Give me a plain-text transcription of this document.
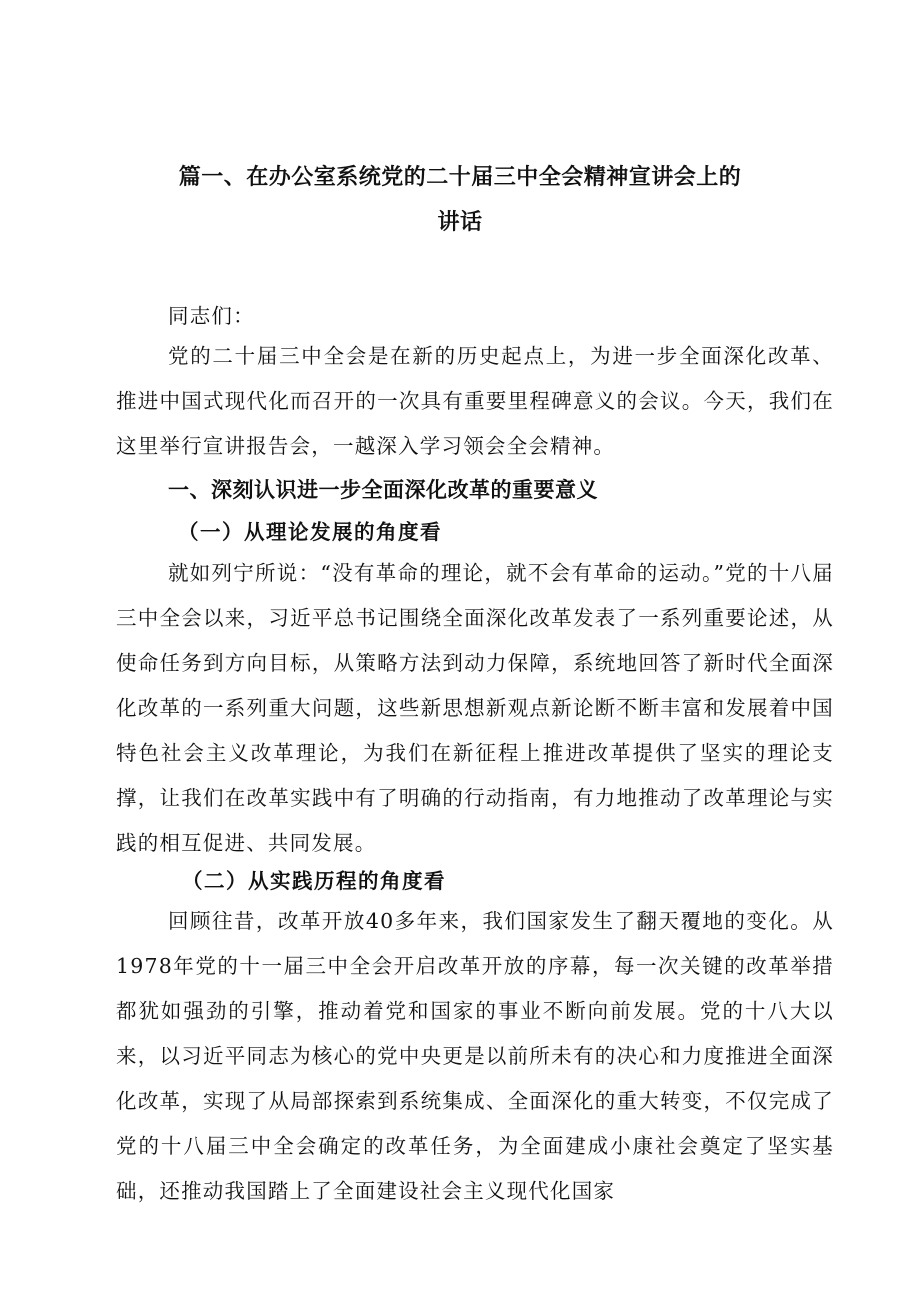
篇一、在办公室系统党的二十届三中全会精神宣讲会上的
讲话

同志们：

党的二十届三中全会是在新的历史起点上，为进一步全面深化改革、推进中国式现代化而召开的一次具有重要里程碑意义的会议。今天，我们在这里举行宣讲报告会，一越深入学习领会全会精神。

一、深刻认识进一步全面深化改革的重要意义
（一）从理论发展的角度看

就如列宁所说：“没有革命的理论，就不会有革命的运动。”党的十八届三中全会以来，习近平总书记围绕全面深化改革发表了一系列重要论述，从使命任务到方向目标，从策略方法到动力保障，系统地回答了新时代全面深化改革的一系列重大问题，这些新思想新观点新论断不断丰富和发展着中国特色社会主义改革理论，为我们在新征程上推进改革提供了坚实的理论支撑，让我们在改革实践中有了明确的行动指南，有力地推动了改革理论与实践的相互促进、共同发展。

（二）从实践历程的角度看

回顾往昔，改革开放40多年来，我们国家发生了翻天覆地的变化。从1978年党的十一届三中全会开启改革开放的序幕，每一次关键的改革举措都犹如强劲的引擎，推动着党和国家的事业不断向前发展。党的十八大以来，以习近平同志为核心的党中央更是以前所未有的决心和力度推进全面深化改革，实现了从局部探索到系统集成、全面深化的重大转变，不仅完成了党的十八届三中全会确定的改革任务，为全面建成小康社会奠定了坚实基础，还推动我国踏上了全面建设社会主义现代化国家
